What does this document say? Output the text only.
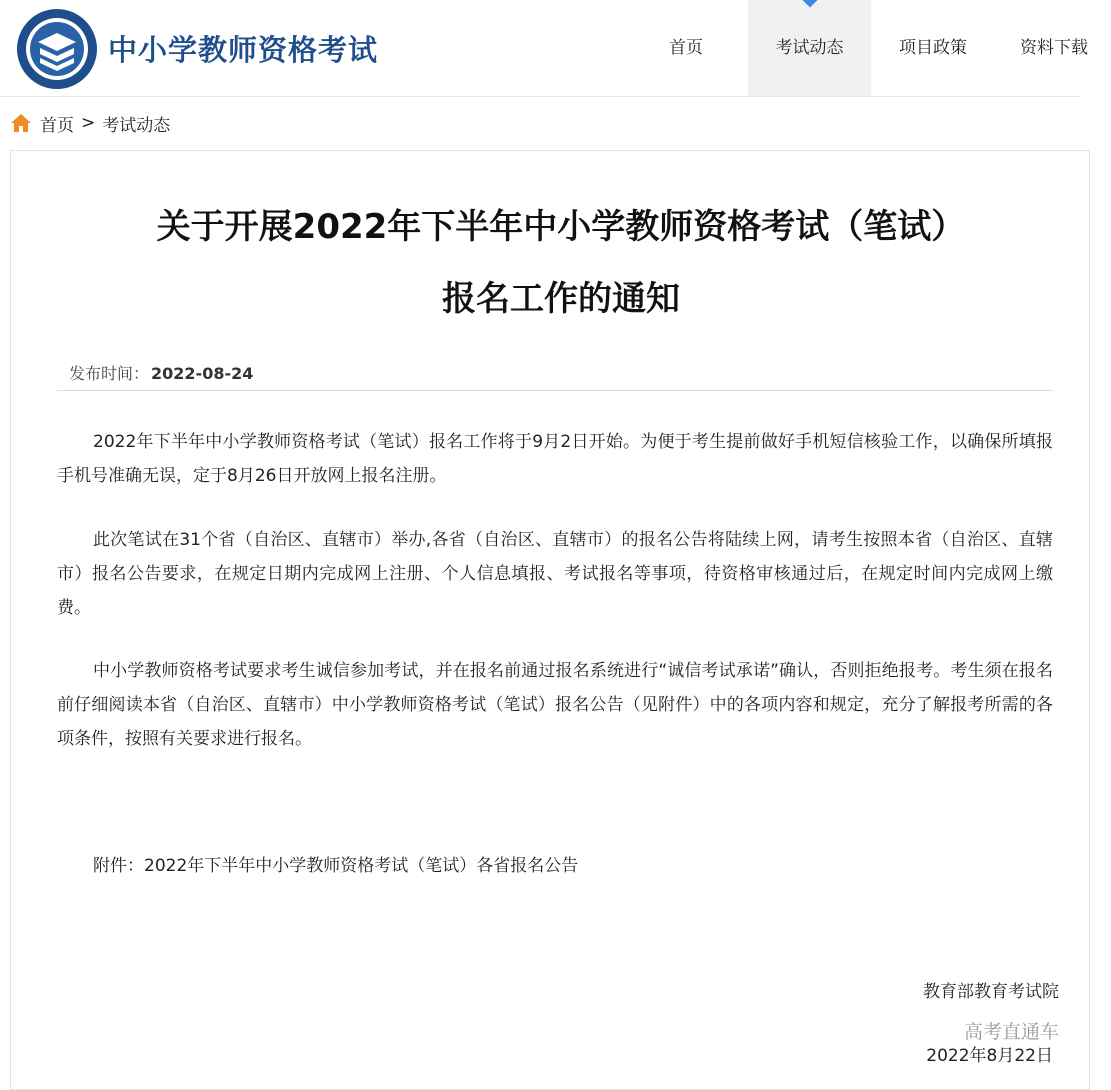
中小学教师资格考试	首页	考试动态	项目政策	资料下载
首页 > 考试动态
关于开展2022年下半年中小学教师资格考试（笔试）
报名工作的通知
发布时间： 2022-08-24

2022年下半年中小学教师资格考试（笔试）报名工作将于9月2日开始。为便于考生提前做好手机短信核验工作，以确保所填报手机号准确无误，定于8月26日开放网上报名注册。

此次笔试在31个省（自治区、直辖市）举办,各省（自治区、直辖市）的报名公告将陆续上网，请考生按照本省（自治区、直辖市）报名公告要求，在规定日期内完成网上注册、个人信息填报、考试报名等事项，待资格审核通过后，在规定时间内完成网上缴费。

中小学教师资格考试要求考生诚信参加考试，并在报名前通过报名系统进行“诚信考试承诺”确认，否则拒绝报考。考生须在报名前仔细阅读本省（自治区、直辖市）中小学教师资格考试（笔试）报名公告（见附件）中的各项内容和规定，充分了解报考所需的各项条件，按照有关要求进行报名。

附件：2022年下半年中小学教师资格考试（笔试）各省报名公告
教育部教育考试院
高考直通车
2022年8月22日
